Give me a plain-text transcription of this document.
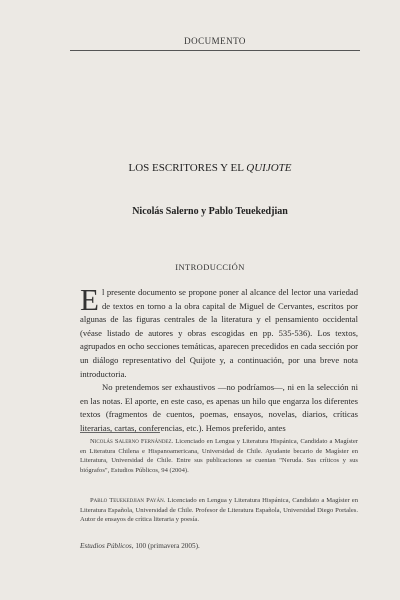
DOCUMENTO
LOS ESCRITORES Y EL QUIJOTE
Nicolás Salerno y Pablo Teuekedjian
INTRODUCCIÓN

El presente documento se propone poner al alcance del lector una variedad de textos en torno a la obra capital de Miguel de Cervantes, escritos por algunas de las figuras centrales de la literatura y el pensamiento occidental (véase listado de autores y obras escogidas en pp. 535-536). Los textos, agrupados en ocho secciones temáticas, aparecen precedidos en cada sección por un diálogo representativo del Quijote y, a continuación, por una breve nota introductoria.

No pretendemos ser exhaustivos —no podríamos—, ni en la selección ni en las notas. El aporte, en este caso, es apenas un hilo que engarza los diferentes textos (fragmentos de cuentos, poemas, ensayos, novelas, diarios, críticas literarias, cartas, conferencias, etc.). Hemos preferido, antes

Nicolás Salerno Fernández. Licenciado en Lengua y Literatura Hispánica, Candidato a Magíster en Literatura Chilena e Hispanoamericana, Universidad de Chile. Ayudante becario de Magíster en Literatura, Universidad de Chile. Entre sus publicaciones se cuentan "Neruda. Sus críticos y sus biógrafos", Estudios Públicos, 94 (2004).

Pablo Teuekedjian Payán. Licenciado en Lengua y Literatura Hispánica, Candidato a Magíster en Literatura Española, Universidad de Chile. Profesor de Literatura Española, Universidad Diego Portales. Autor de ensayos de crítica literaria y poesía.

Estudios Públicos, 100 (primavera 2005).
